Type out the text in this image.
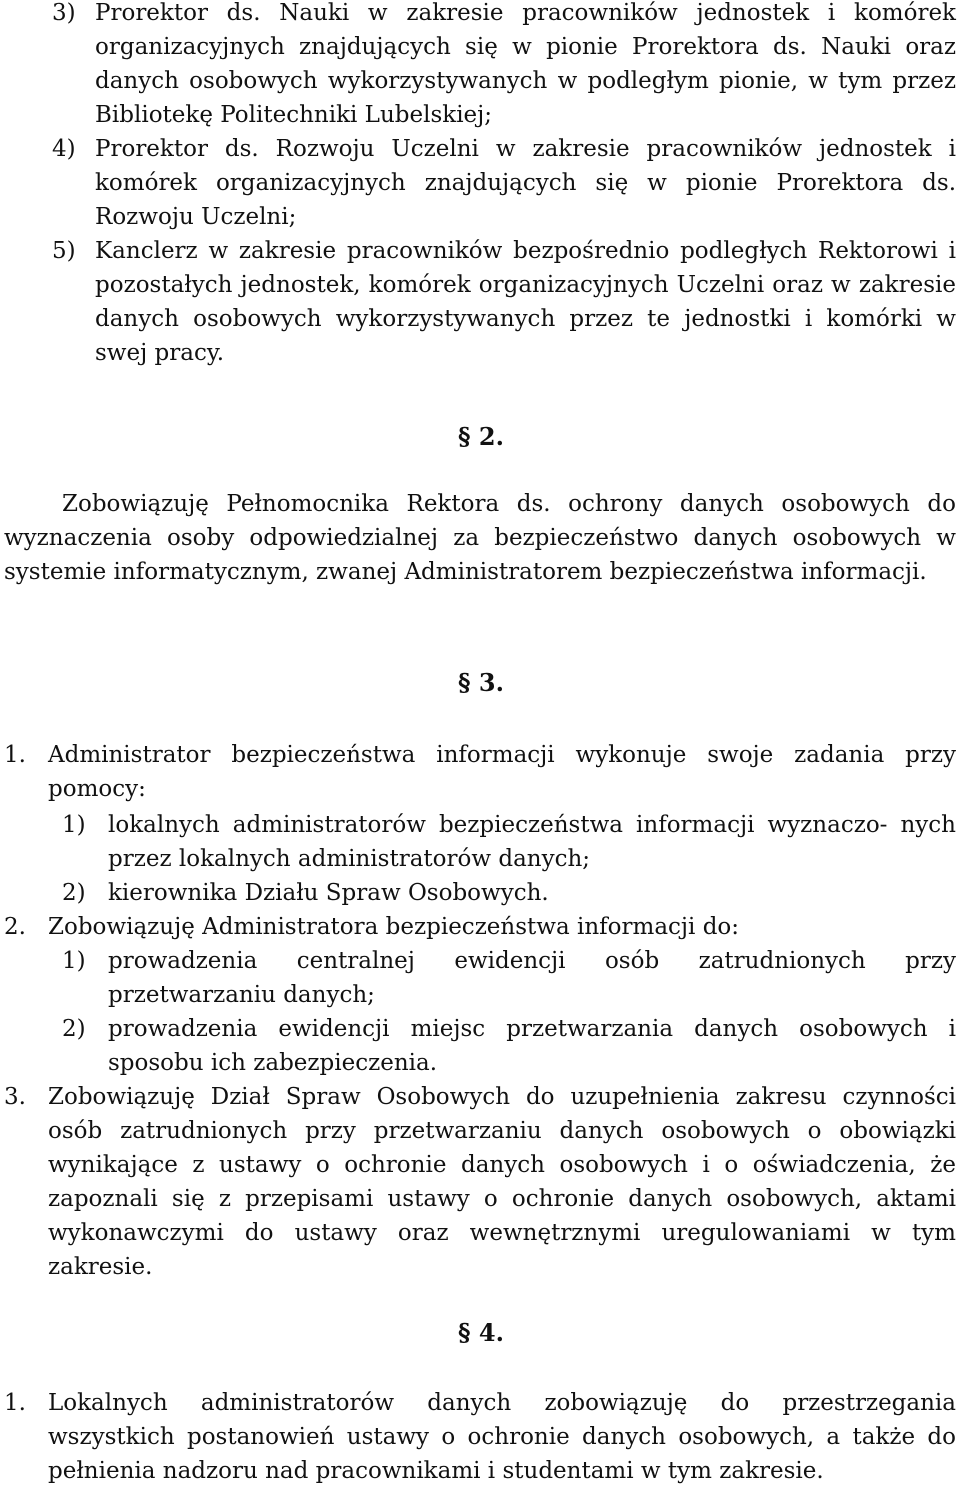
3) Prorektor ds. Nauki w zakresie pracowników jednostek i komórek organizacyjnych znajdujących się w pionie Prorektora ds. Nauki oraz danych osobowych wykorzystywanych w podległym pionie, w tym przez Bibliotekę Politechniki Lubelskiej;
4) Prorektor ds. Rozwoju Uczelni w zakresie pracowników jednostek i komórek organizacyjnych znajdujących się w pionie Prorektora ds. Rozwoju Uczelni;
5) Kanclerz w zakresie pracowników bezpośrednio podległych Rektorowi i pozostałych jednostek, komórek organizacyjnych Uczelni oraz w zakresie danych osobowych wykorzystywanych przez te jednostki i komórki w swej pracy.
§ 2.
Zobowiązuję Pełnomocnika Rektora ds. ochrony danych osobowych do wyznaczenia osoby odpowiedzialnej za bezpieczeństwo danych osobowych w systemie informatycznym, zwanej Administratorem bezpieczeństwa informacji.
§ 3.
1. Administrator bezpieczeństwa informacji wykonuje swoje zadania przy pomocy:
1) lokalnych administratorów bezpieczeństwa informacji wyznaczo- nych przez lokalnych administratorów danych;
2) kierownika Działu Spraw Osobowych.
2. Zobowiązuję Administratora bezpieczeństwa informacji do:
1) prowadzenia centralnej ewidencji osób zatrudnionych przy przetwarzaniu danych;
2) prowadzenia ewidencji miejsc przetwarzania danych osobowych i sposobu ich zabezpieczenia.
3. Zobowiązuję Dział Spraw Osobowych do uzupełnienia zakresu czynności osób zatrudnionych przy przetwarzaniu danych osobowych o obowiązki wynikające z ustawy o ochronie danych osobowych i o oświadczenia, że zapoznali się z przepisami ustawy o ochronie danych osobowych, aktami wykonawczymi do ustawy oraz wewnętrznymi uregulowaniami w tym zakresie.
§ 4.
1. Lokalnych administratorów danych zobowiązuję do przestrzegania wszystkich postanowień ustawy o ochronie danych osobowych, a także do pełnienia nadzoru nad pracownikami i studentami w tym zakresie.
